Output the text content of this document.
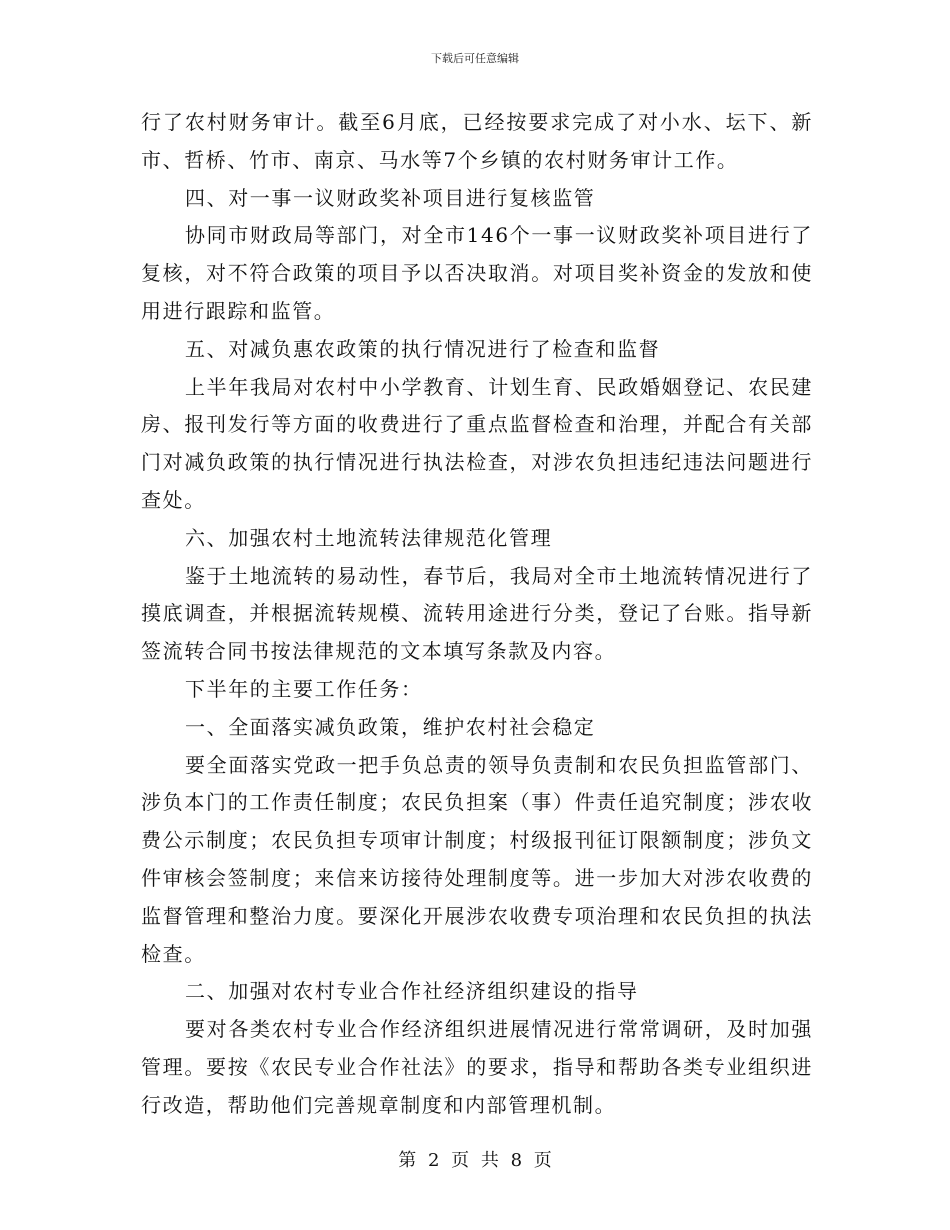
下载后可任意编辑

行了农村财务审计。截至6月底，已经按要求完成了对小水、坛下、新市、哲桥、竹市、南京、马水等7个乡镇的农村财务审计工作。

四、对一事一议财政奖补项目进行复核监管

协同市财政局等部门，对全市146个一事一议财政奖补项目进行了复核，对不符合政策的项目予以否决取消。对项目奖补资金的发放和使用进行跟踪和监管。

五、对减负惠农政策的执行情况进行了检查和监督

上半年我局对农村中小学教育、计划生育、民政婚姻登记、农民建房、报刊发行等方面的收费进行了重点监督检查和治理，并配合有关部门对减负政策的执行情况进行执法检查，对涉农负担违纪违法问题进行查处。

六、加强农村土地流转法律规范化管理

鉴于土地流转的易动性，春节后，我局对全市土地流转情况进行了摸底调查，并根据流转规模、流转用途进行分类，登记了台账。指导新签流转合同书按法律规范的文本填写条款及内容。

下半年的主要工作任务：

一、全面落实减负政策，维护农村社会稳定

要全面落实党政一把手负总责的领导负责制和农民负担监管部门、涉负本门的工作责任制度；农民负担案（事）件责任追究制度；涉农收费公示制度；农民负担专项审计制度；村级报刊征订限额制度；涉负文件审核会签制度；来信来访接待处理制度等。进一步加大对涉农收费的监督管理和整治力度。要深化开展涉农收费专项治理和农民负担的执法检查。

二、加强对农村专业合作社经济组织建设的指导

要对各类农村专业合作经济组织进展情况进行常常调研，及时加强管理。要按《农民专业合作社法》的要求，指导和帮助各类专业组织进行改造，帮助他们完善规章制度和内部管理机制。

第 2 页 共 8 页
